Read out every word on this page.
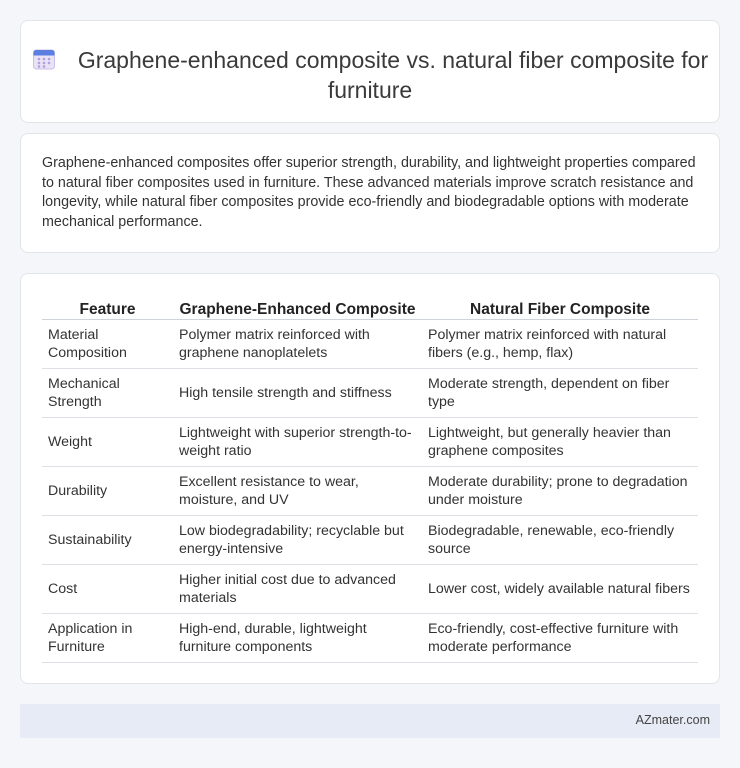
Graphene-enhanced composite vs. natural fiber composite for furniture

Graphene-enhanced composites offer superior strength, durability, and lightweight properties compared to natural fiber composites used in furniture. These advanced materials improve scratch resistance and longevity, while natural fiber composites provide eco-friendly and biodegradable options with moderate mechanical performance.

Feature	Graphene-Enhanced Composite	Natural Fiber Composite
Material Composition	Polymer matrix reinforced with graphene nanoplatelets	Polymer matrix reinforced with natural fibers (e.g., hemp, flax)
Mechanical Strength	High tensile strength and stiffness	Moderate strength, dependent on fiber type
Weight	Lightweight with superior strength-to-weight ratio	Lightweight, but generally heavier than graphene composites
Durability	Excellent resistance to wear, moisture, and UV	Moderate durability; prone to degradation under moisture
Sustainability	Low biodegradability; recyclable but energy-intensive	Biodegradable, renewable, eco-friendly source
Cost	Higher initial cost due to advanced materials	Lower cost, widely available natural fibers
Application in Furniture	High-end, durable, lightweight furniture components	Eco-friendly, cost-effective furniture with moderate performance
AZmater.com
